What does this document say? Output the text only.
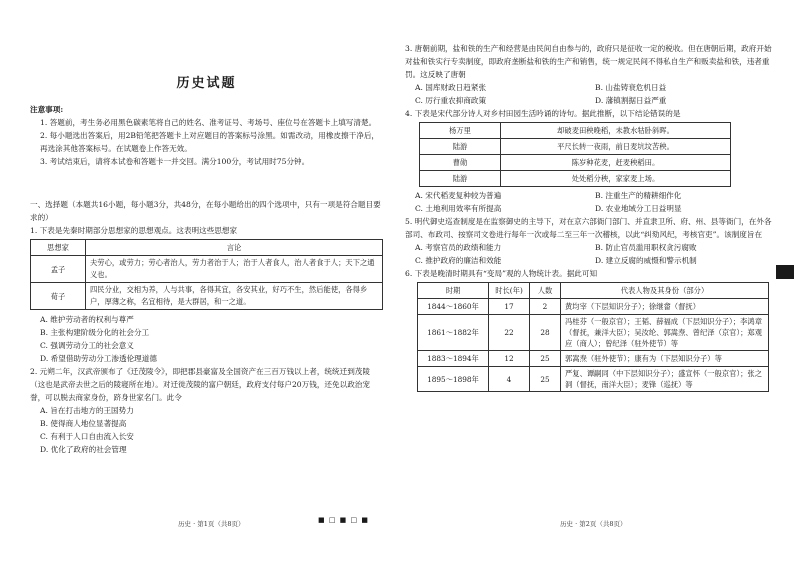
历史试题
注意事项:
1. 答题前，考生务必用黑色碳素笔将自己的姓名、准考证号、考场号、座位号在答题卡上填写清楚。
2. 每小题选出答案后，用2B铅笔把答题卡上对应题目的答案标号涂黑。如需改动，用橡皮擦干净后，再选涂其他答案标号。在试题卷上作答无效。
3. 考试结束后，请将本试卷和答题卡一并交回。满分100分，考试用时75分钟。
一、选择题（本题共16小题，每小题3分，共48分，在每小题给出的四个选项中，只有一项是符合题目要求的）
1. 下表是先秦时期部分思想家的思想观点。这表明这些思想家
思想家	言论
孟子	夫劳心，或劳力；劳心者治人，劳力者治于人；治于人者食人，治人者食于人；天下之通义也。
荀子	四民分业，交相为养，人与共事，各得其宜，各安其业，好巧不生，然后能使，各得乡户，厚薄之称，名宜相待，是大群居，和一之道。
A. 维护劳动者的权利与尊严
B. 主张构建阶级分化的社会分工
C. 强调劳动分工的社会意义
D. 希望借助劳动分工渗透伦理道德
2. 元朔二年，汉武帝颁布了《迁茂陵令》，即把郡县豪富及全国资产在三百万钱以上者，统统迁到茂陵（这也是武帝去世之后的陵寝所在地）。对迁徙茂陵的富户朝廷，政府支付每户20万钱，还免以政治宠誉，可以脱去商家身份，跻身世家名门。此令
A. 旨在打击地方的王国势力
B. 使得商人地位显著提高
C. 有利于人口自由流入长安
D. 优化了政府的社会管理
历史 · 第1页（共8页）	■ □ ■ □ ■
3. 唐朝前期，盐和铁的生产和经营是由民间自由参与的，政府只是征收一定的税收。但在唐朝后期，政府开始对盐和铁实行专卖制度，即政府垄断盐和铁的生产和销售，统一规定民间不得私自生产和贩卖盐和铁，违者重罚。这反映了唐朝
A. 国库财政日趋紧张	B. 山盐铸衰危机日益
C. 厉行重农抑商政策	D. 藩镇割据日益严重
4. 下表是宋代部分诗人对乡村田园生活吟诵的诗句。据此推断，以下结论错误的是
杨万里	却破麦田秧晚稻，未教水牯卧斜晖。
陆游	平尺长转一夜雨，前日麦坑坟苦秧。
曹勋	陈岁种花麦，赶麦秧稻田。
陆游	处处稻分秧，家家麦上场。
A. 宋代稻麦复种较为普遍	B. 注重生产的精耕细作化
C. 土地利用效率有所提高	D. 农业地域分工日益明显
5. 明代御史巡查制度是在监察御史的主导下，对在京六部衙门部门、并直隶卫所、府、州、县等衙门，在外各部司、布政司、按察司文卷进行每年一次或每二至三年一次稽核，以此“纠劾风纪，考核官吏”。该制度旨在
A. 考察官员的政绩和能力	B. 防止官员滥用职权贪污腐败
C. 推护政府的廉洁和效能	D. 建立反腐的威慑和警示机制
6. 下表是晚清时期具有“变局”观的人物统计表。据此可知
时期	时长(年)	人数	代表人物及其身份（部分）
1844～1860年	17	2	黄均宰（下层知识分子）；徐继畲（督抚）
1861～1882年	22	28	冯桂芬（一般京官）；王韬、薛福成（下层知识分子）；李鸿章（督抚，兼洋大臣）；吴汝纶、郭嵩焘、曾纪泽（京官）；郑观应（商人）；曾纪泽（驻外使节）等
1883～1894年	12	25	郭嵩焘（驻外使节）；康有为（下层知识分子）等
1895～1898年	4	25	严复、谭嗣同（中下层知识分子）；盛宣怀（一般京官）；张之洞（督抚，南洋大臣）；麦锋（巡抚）等
历史 · 第2页（共8页）
